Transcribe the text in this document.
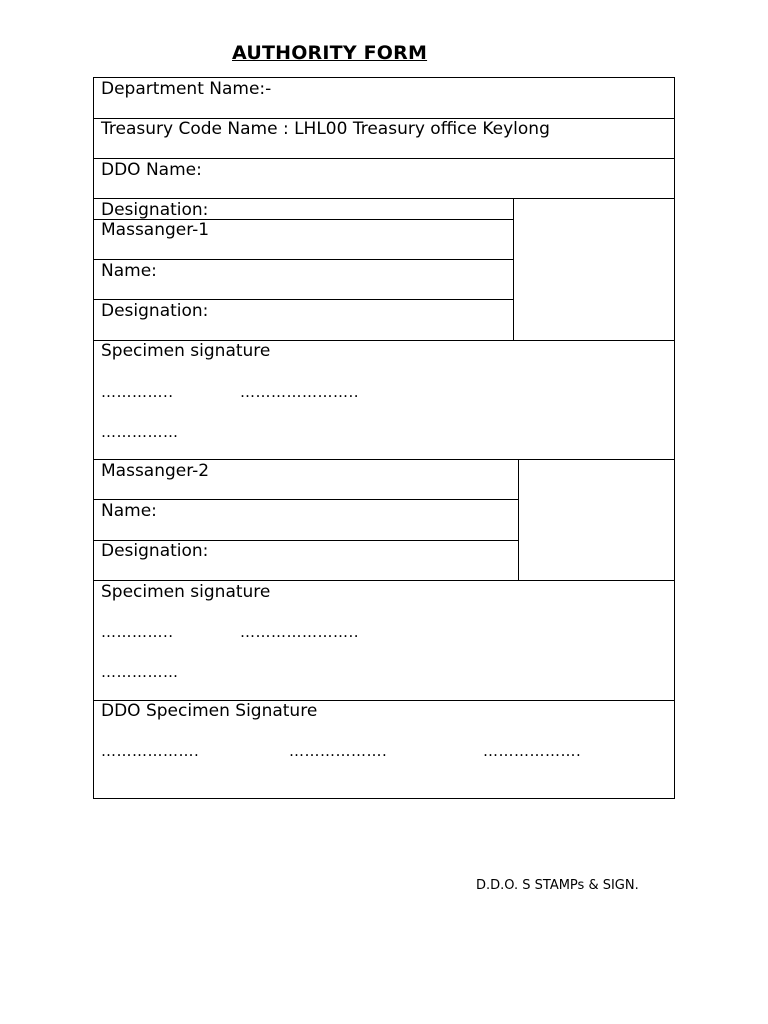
AUTHORITY FORM
Department Name:-
Treasury Code Name : LHL00 Treasury office Keylong
DDO Name:
Designation:
Massanger-1
Name:
Designation:
Specimen signature
…………..	…………………..
……………
Massanger-2
Name:
Designation:
Specimen signature
…………..	…………………..
……………
DDO Specimen Signature
……………….	……………….	……………….
D.D.O. S STAMPs & SIGN.
